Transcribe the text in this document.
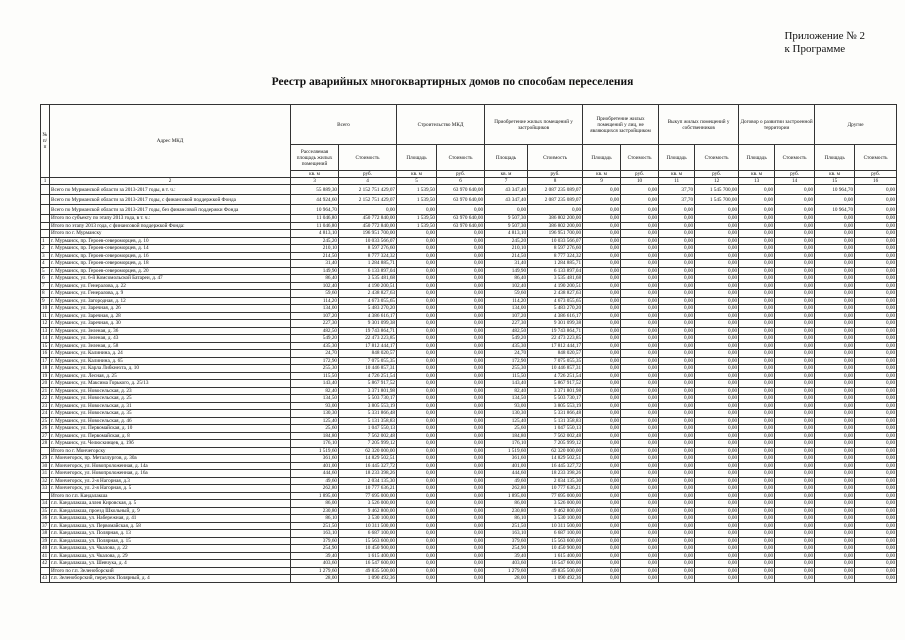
Приложение № 2
к Программе
Реестр аварийных многоквартирных домов по способам переселения
№ п/п	Адрес МКД	Всего		Строительство МКД		Приобретение жилых помещений у застройщиков		Приобретение жилых помещений у лиц, не являющихся застройщиком		Выкуп жилых помещений у собственников		Договор о развитии застроенной территории		Другие	
		Расселяемая площадь жилых помещений	Стоимость	Площадь	Стоимость	Площадь	Стоимость	Площадь	Стоимость	Площадь	Стоимость	Площадь	Стоимость	Площадь	Стоимость
		кв. м	руб.	кв. м	руб.	кв. м	руб.	кв. м	руб.	кв. м	руб.	кв. м	руб.	кв. м	руб.
1	2	3	4	5	6	7	8	9	10	11	12	13	14	15	16
	Всего по Мурманской области за 2013-2017 годы, в т. ч.:	55 889,30	2 152 751 429,07	1 539,50	63 970 640,00	43 347,40	2 087 235 089,07	0,00	0,00	37,70	1 545 700,00	0,00	0,00	10 964,70	0,00
	Всего по Мурманской области за 2013-2017 годы, с финансовой поддержкой Фонда	44 924,60	2 152 751 429,07	1 539,50	63 970 640,00	43 347,40	2 087 235 089,07	0,00	0,00	37,70	1 545 700,00	0,00	0,00	0,00	0,00
	Всего по Мурманской области за 2013-2017 годы, без финансовой поддержки Фонда	10 964,70	0,00	0,00	0,00	0,00	0,00	0,00	0,00	0,00	0,00	0,00	0,00	10 964,70	0,00
	Итого по субъекту по этапу 2013 года, в т. ч.:	11 046,80	450 772 840,00	1 539,50	63 970 640,00	9 507,30	386 802 200,00	0,00	0,00	0,00	0,00	0,00	0,00	0,00	0,00
	Итого по этапу 2013 года, с финансовой поддержкой Фонда:	11 046,80	450 772 840,00	1 539,50	63 970 640,00	9 507,30	386 802 200,00	0,00	0,00	0,00	0,00	0,00	0,00	0,00	0,00
	Итого по г. Мурманску	4 813,10	196 951 700,00	0,00	0,00	4 813,10	196 951 700,00	0,00	0,00	0,00	0,00	0,00	0,00	0,00	0,00
1	г. Мурманск, пр. Героев-североморцев, д. 10	245,20	10 033 566,07	0,00	0,00	245,20	10 033 566,07	0,00	0,00	0,00	0,00	0,00	0,00	0,00	0,00
2	г. Мурманск, пр. Героев-североморцев, д. 14	210,10	8 597 276,60	0,00	0,00	210,10	8 597 276,60	0,00	0,00	0,00	0,00	0,00	0,00	0,00	0,00
3	г. Мурманск, пр. Героев-североморцев, д. 16	214,50	8 777 324,32	0,00	0,00	214,50	8 777 324,32	0,00	0,00	0,00	0,00	0,00	0,00	0,00	0,00
4	г. Мурманск, пр. Героев-североморцев, д. 18	31,40	1 284 885,71	0,00	0,00	31,40	1 284 885,71	0,00	0,00	0,00	0,00	0,00	0,00	0,00	0,00
5	г. Мурманск, пр. Героев-североморцев, д. 20	149,90	6 133 897,04	0,00	0,00	149,90	6 133 897,04	0,00	0,00	0,00	0,00	0,00	0,00	0,00	0,00
6	г. Мурманск, ул. 6-й Комсомольской Батареи, д. 47	86,40	3 535 481,68	0,00	0,00	86,40	3 535 481,68	0,00	0,00	0,00	0,00	0,00	0,00	0,00	0,00
7	г. Мурманск, ул. Генералова, д. 22	102,40	4 190 200,51	0,00	0,00	102,40	4 190 200,51	0,00	0,00	0,00	0,00	0,00	0,00	0,00	0,00
8	г. Мурманск, ул. Генералова, д. 9	59,60	2 438 827,63	0,00	0,00	59,60	2 438 827,63	0,00	0,00	0,00	0,00	0,00	0,00	0,00	0,00
9	г. Мурманск, ул. Загородная, д. 12	114,20	4 673 055,65	0,00	0,00	114,20	4 673 055,65	0,00	0,00	0,00	0,00	0,00	0,00	0,00	0,00
10	г. Мурманск, ул. Заречная, д. 26	134,00	5 483 270,20	0,00	0,00	134,00	5 483 270,20	0,00	0,00	0,00	0,00	0,00	0,00	0,00	0,00
11	г. Мурманск, ул. Заречная, д. 28	107,20	4 386 616,17	0,00	0,00	107,20	4 386 616,17	0,00	0,00	0,00	0,00	0,00	0,00	0,00	0,00
12	г. Мурманск, ул. Заречная, д. 30	227,30	9 301 099,38	0,00	0,00	227,30	9 301 099,38	0,00	0,00	0,00	0,00	0,00	0,00	0,00	0,00
13	г. Мурманск, ул. Зеленая, д. 36	482,50	19 743 864,71	0,00	0,00	482,50	19 743 864,71	0,00	0,00	0,00	0,00	0,00	0,00	0,00	0,00
14	г. Мурманск, ул. Зеленая, д. 43	549,20	22 473 223,85	0,00	0,00	549,20	22 473 223,85	0,00	0,00	0,00	0,00	0,00	0,00	0,00	0,00
15	г. Мурманск, ул. Зеленая, д. 58	435,30	17 812 444,17	0,00	0,00	435,30	17 812 444,17	0,00	0,00	0,00	0,00	0,00	0,00	0,00	0,00
16	г. Мурманск, ул. Калинина, д. 24	24,70	848 020,57	0,00	0,00	24,70	848 020,57	0,00	0,00	0,00	0,00	0,00	0,00	0,00	0,00
17	г. Мурманск, ул. Калинина, д. 65	172,90	7 075 055,35	0,00	0,00	172,90	7 075 055,35	0,00	0,00	0,00	0,00	0,00	0,00	0,00	0,00
18	г. Мурманск, ул. Карла Либкнехта, д. 10	255,30	10 446 857,31	0,00	0,00	255,30	10 446 857,31	0,00	0,00	0,00	0,00	0,00	0,00	0,00	0,00
19	г. Мурманск, ул. Лесная, д. 25	115,50	4 726 251,54	0,00	0,00	115,50	4 726 251,54	0,00	0,00	0,00	0,00	0,00	0,00	0,00	0,00
20	г. Мурманск, ул. Максима Горького, д. 25/13	143,40	5 867 917,52	0,00	0,00	143,40	5 867 917,52	0,00	0,00	0,00	0,00	0,00	0,00	0,00	0,00
21	г. Мурманск, ул. Новосельская, д. 23	82,40	3 371 801,98	0,00	0,00	82,40	3 371 801,98	0,00	0,00	0,00	0,00	0,00	0,00	0,00	0,00
22	г. Мурманск, ул. Новосельская, д. 25	134,50	5 503 730,17	0,00	0,00	134,50	5 503 730,17	0,00	0,00	0,00	0,00	0,00	0,00	0,00	0,00
23	г. Мурманск, ул. Новосельская, д. 31	93,00	3 805 553,19	0,00	0,00	93,00	3 805 553,19	0,00	0,00	0,00	0,00	0,00	0,00	0,00	0,00
24	г. Мурманск, ул. Новосельская, д. 35	130,30	5 331 866,48	0,00	0,00	130,30	5 331 866,48	0,00	0,00	0,00	0,00	0,00	0,00	0,00	0,00
25	г. Мурманск, ул. Новосельская, д. 46	125,40	5 131 358,83	0,00	0,00	125,40	5 131 358,83	0,00	0,00	0,00	0,00	0,00	0,00	0,00	0,00
26	г. Мурманск, ул. Первомайская, д. 10	25,60	1 047 550,13	0,00	0,00	25,60	1 047 550,13	0,00	0,00	0,00	0,00	0,00	0,00	0,00	0,00
27	г. Мурманск, ул. Первомайская, д. 8	184,80	7 562 002,48	0,00	0,00	184,80	7 562 002,48	0,00	0,00	0,00	0,00	0,00	0,00	0,00	0,00
28	г. Мурманск, ул. Челюскинцев, д. 19б	176,10	7 205 999,12	0,00	0,00	176,10	7 205 999,12	0,00	0,00	0,00	0,00	0,00	0,00	0,00	0,00
	Итого по г. Мончегорску	1 519,60	62 320 000,00	0,00	0,00	1 519,60	62 320 000,00	0,00	0,00	0,00	0,00	0,00	0,00	0,00	0,00
29	г. Мончегорск, пр. Металлургов, д. 30а	361,60	14 829 502,51	0,00	0,00	361,60	14 829 502,51	0,00	0,00	0,00	0,00	0,00	0,00	0,00	0,00
30	г. Мончегорск, ул. Новопроложенная, д. 14а	401,00	16 445 327,72	0,00	0,00	401,00	16 445 327,72	0,00	0,00	0,00	0,00	0,00	0,00	0,00	0,00
31	г. Мончегорск, ул. Новопроложенная, д. 16а	444,60	18 233 398,26	0,00	0,00	444,60	18 233 398,26	0,00	0,00	0,00	0,00	0,00	0,00	0,00	0,00
32	г. Мончегорск, ул. 2-я Нагорная, д.3	49,60	2 034 135,30	0,00	0,00	49,60	2 034 135,30	0,00	0,00	0,00	0,00	0,00	0,00	0,00	0,00
33	г. Мончегорск, ул. 2-я Нагорная, д. 5	262,80	10 777 636,21	0,00	0,00	262,80	10 777 636,21	0,00	0,00	0,00	0,00	0,00	0,00	0,00	0,00
	Итого по г.п. Кандалакша	1 895,00	77 695 000,00	0,00	0,00	1 895,00	77 695 000,00	0,00	0,00	0,00	0,00	0,00	0,00	0,00	0,00
34	г.п. Кандалакша, аллея Кировская, д. 5	86,00	3 526 000,00	0,00	0,00	86,00	3 526 000,00	0,00	0,00	0,00	0,00	0,00	0,00	0,00	0,00
35	г.п. Кандалакша, проезд Школьный, д. 9	230,80	9 462 800,00	0,00	0,00	230,80	9 462 800,00	0,00	0,00	0,00	0,00	0,00	0,00	0,00	0,00
36	г.п. Кандалакша, ул. Набережная, д. 41	86,10	3 530 100,00	0,00	0,00	86,10	3 530 100,00	0,00	0,00	0,00	0,00	0,00	0,00	0,00	0,00
37	г.п. Кандалакша, ул. Первомайская, д. 58	251,50	10 311 500,00	0,00	0,00	251,50	10 311 500,00	0,00	0,00	0,00	0,00	0,00	0,00	0,00	0,00
38	г.п. Кандалакша, ул. Полярная, д. 13	163,10	6 687 100,00	0,00	0,00	163,10	6 687 100,00	0,00	0,00	0,00	0,00	0,00	0,00	0,00	0,00
39	г.п. Кандалакша, ул. Полярная, д. 15	379,60	15 563 600,00	0,00	0,00	379,60	15 563 600,00	0,00	0,00	0,00	0,00	0,00	0,00	0,00	0,00
40	г.п. Кандалакша, ул. Чкалова, д. 22	254,90	10 450 900,00	0,00	0,00	254,90	10 450 900,00	0,00	0,00	0,00	0,00	0,00	0,00	0,00	0,00
41	г.п. Кандалакша, ул. Чкалова, д. 29	39,40	1 615 400,00	0,00	0,00	39,40	1 615 400,00	0,00	0,00	0,00	0,00	0,00	0,00	0,00	0,00
42	г.п. Кандалакша, ул. Шевчука, д. 4	403,60	16 547 600,00	0,00	0,00	403,60	16 547 600,00	0,00	0,00	0,00	0,00	0,00	0,00	0,00	0,00
	Итого по г.п. Зеленоборский	1 279,60	49 835 500,00	0,00	0,00	1 279,60	49 835 500,00	0,00	0,00	0,00	0,00	0,00	0,00	0,00	0,00
43	г.п. Зеленоборский, переулок Полярный, д. 4	28,00	1 090 492,36	0,00	0,00	28,00	1 090 492,36	0,00	0,00	0,00	0,00	0,00	0,00	0,00	0,00
